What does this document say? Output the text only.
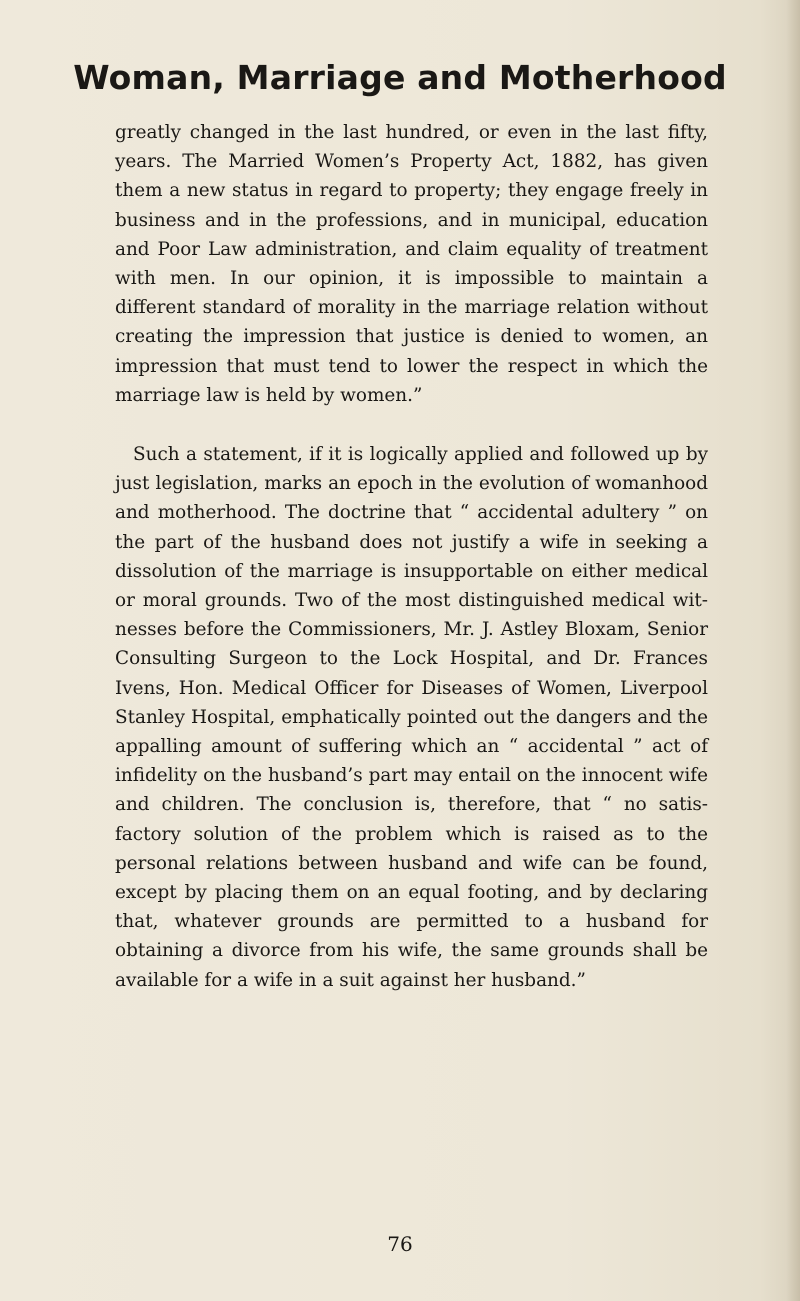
Woman, Marriage and Motherhood

greatly changed in the last hundred, or even in the last fifty, years. The Married Women’s Property Act, 1882, has given them a new status in regard to property; they engage freely in business and in the professions, and in municipal, education and Poor Law administration, and claim equality of treatment with men. In our opinion, it is impossible to maintain a different standard of morality in the marriage relation without creating the impression that justice is denied to women, an impression that must tend to lower the respect in which the marriage law is held by women.”

Such a statement, if it is logically applied and followed up by just legislation, marks an epoch in the evolution of womanhood and motherhood. The doctrine that “ accidental adultery ” on the part of the husband does not justify a wife in seeking a dissolution of the marriage is insupportable on either medical or moral grounds. Two of the most distinguished medical wit-nesses before the Commissioners, Mr. J. Astley Bloxam, Senior Consulting Surgeon to the Lock Hospital, and Dr. Frances Ivens, Hon. Medical Officer for Diseases of Women, Liverpool Stanley Hospital, emphatically pointed out the dangers and the appalling amount of suffering which an “ accidental ” act of infidelity on the husband’s part may entail on the innocent wife and children. The conclusion is, therefore, that “ no satis-factory solution of the problem which is raised as to the personal relations between husband and wife can be found, except by placing them on an equal footing, and by declaring that, whatever grounds are permitted to a husband for obtaining a divorce from his wife, the same grounds shall be available for a wife in a suit against her husband.”

76
